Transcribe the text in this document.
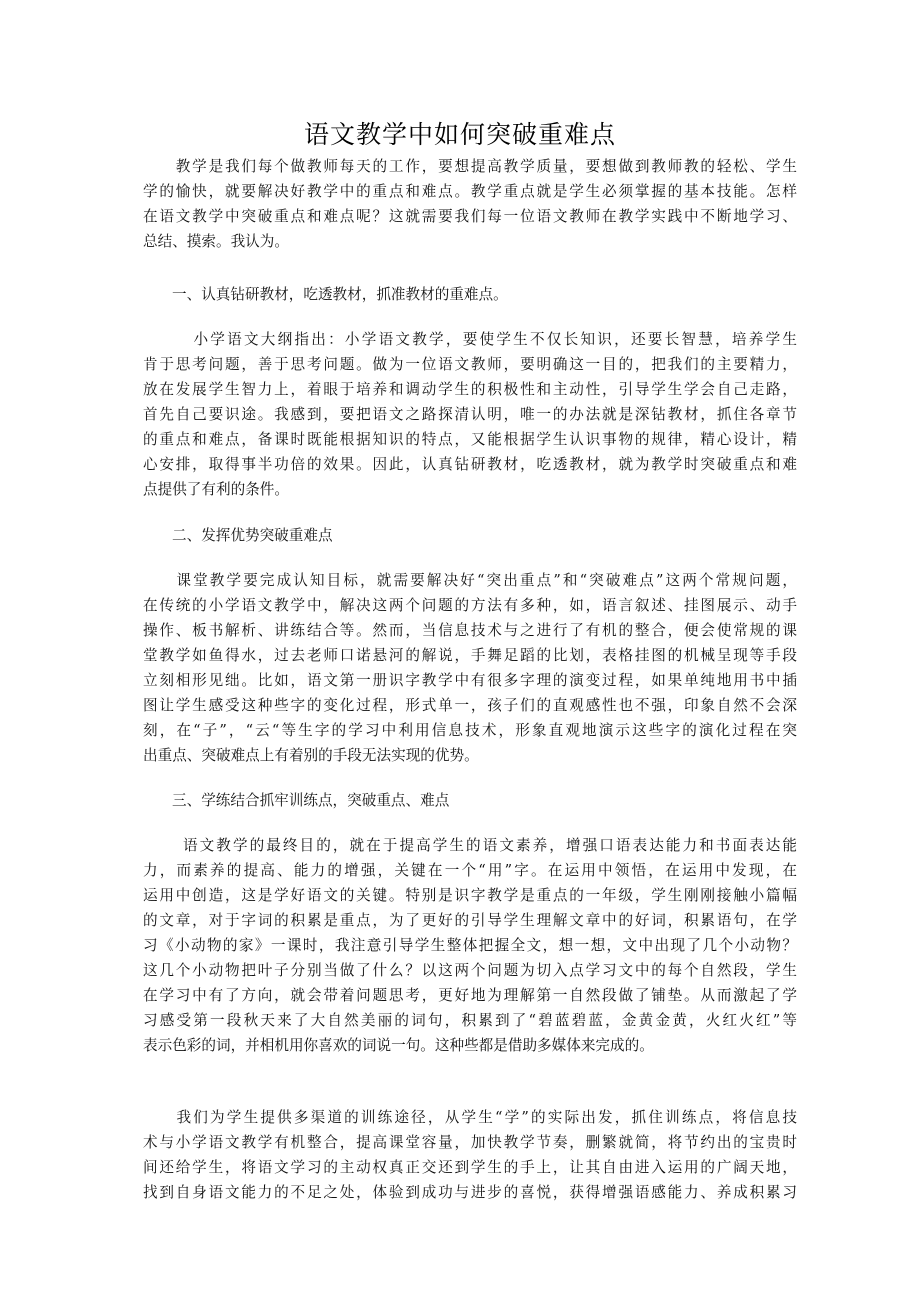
语文教学中如何突破重难点
　　教学是我们每个做教师每天的工作，要想提高教学质量，要想做到教师教的轻松、学生
学的愉快，就要解决好教学中的重点和难点。教学重点就是学生必须掌握的基本技能。怎样
在语文教学中突破重点和难点呢？这就需要我们每一位语文教师在教学实践中不断地学习、
总结、摸索。我认为。
一、认真钻研教材，吃透教材，抓准教材的重难点。
　　　小学语文大纲指出：小学语文教学，要使学生不仅长知识，还要长智慧，培养学生
肯于思考问题，善于思考问题。做为一位语文教师，要明确这一目的，把我们的主要精力，
放在发展学生智力上，着眼于培养和调动学生的积极性和主动性，引导学生学会自己走路，
首先自己要识途。我感到，要把语文之路探清认明，唯一的办法就是深钻教材，抓住各章节
的重点和难点，备课时既能根据知识的特点，又能根据学生认识事物的规律，精心设计，精
心安排，取得事半功倍的效果。因此，认真钻研教材，吃透教材，就为教学时突破重点和难
点提供了有利的条件。
二、发挥优势突破重难点
　　课堂教学要完成认知目标，就需要解决好“突出重点”和“突破难点”这两个常规问题，
在传统的小学语文教学中，解决这两个问题的方法有多种，如，语言叙述、挂图展示、动手
操作、板书解析、讲练结合等。然而，当信息技术与之进行了有机的整合，便会使常规的课
堂教学如鱼得水，过去老师口诺悬河的解说，手舞足蹈的比划，表格挂图的机械呈现等手段
立刻相形见绌。比如，语文第一册识字教学中有很多字理的演变过程，如果单纯地用书中插
图让学生感受这种些字的变化过程，形式单一，孩子们的直观感性也不强，印象自然不会深
刻，在“子”，“云“等生字的学习中利用信息技术，形象直观地演示这些字的演化过程在突
出重点、突破难点上有着别的手段无法实现的优势。
三、学练结合抓牢训练点，突破重点、难点
　　 语文教学的最终目的，就在于提高学生的语文素养，增强口语表达能力和书面表达能
力，而素养的提高、能力的增强，关键在一个“用”字。在运用中领悟，在运用中发现，在
运用中创造，这是学好语文的关键。特别是识字教学是重点的一年级，学生刚刚接触小篇幅
的文章，对于字词的积累是重点，为了更好的引导学生理解文章中的好词，积累语句，在学
习《小动物的家》一课时，我注意引导学生整体把握全文，想一想，文中出现了几个小动物？
这几个小动物把叶子分别当做了什么？以这两个问题为切入点学习文中的每个自然段，学生
在学习中有了方向，就会带着问题思考，更好地为理解第一自然段做了铺垫。从而激起了学
习感受第一段秋天来了大自然美丽的词句，积累到了“碧蓝碧蓝，金黄金黄，火红火红”等
表示色彩的词，并相机用你喜欢的词说一句。这种些都是借助多媒体来完成的。
　　我们为学生提供多渠道的训练途径，从学生“学”的实际出发，抓住训练点，将信息技
术与小学语文教学有机整合，提高课堂容量，加快教学节奏，删繁就简，将节约出的宝贵时
间还给学生，将语文学习的主动权真正交还到学生的手上，让其自由进入运用的广阔天地，
找到自身语文能力的不足之处，体验到成功与进步的喜悦，获得增强语感能力、养成积累习
